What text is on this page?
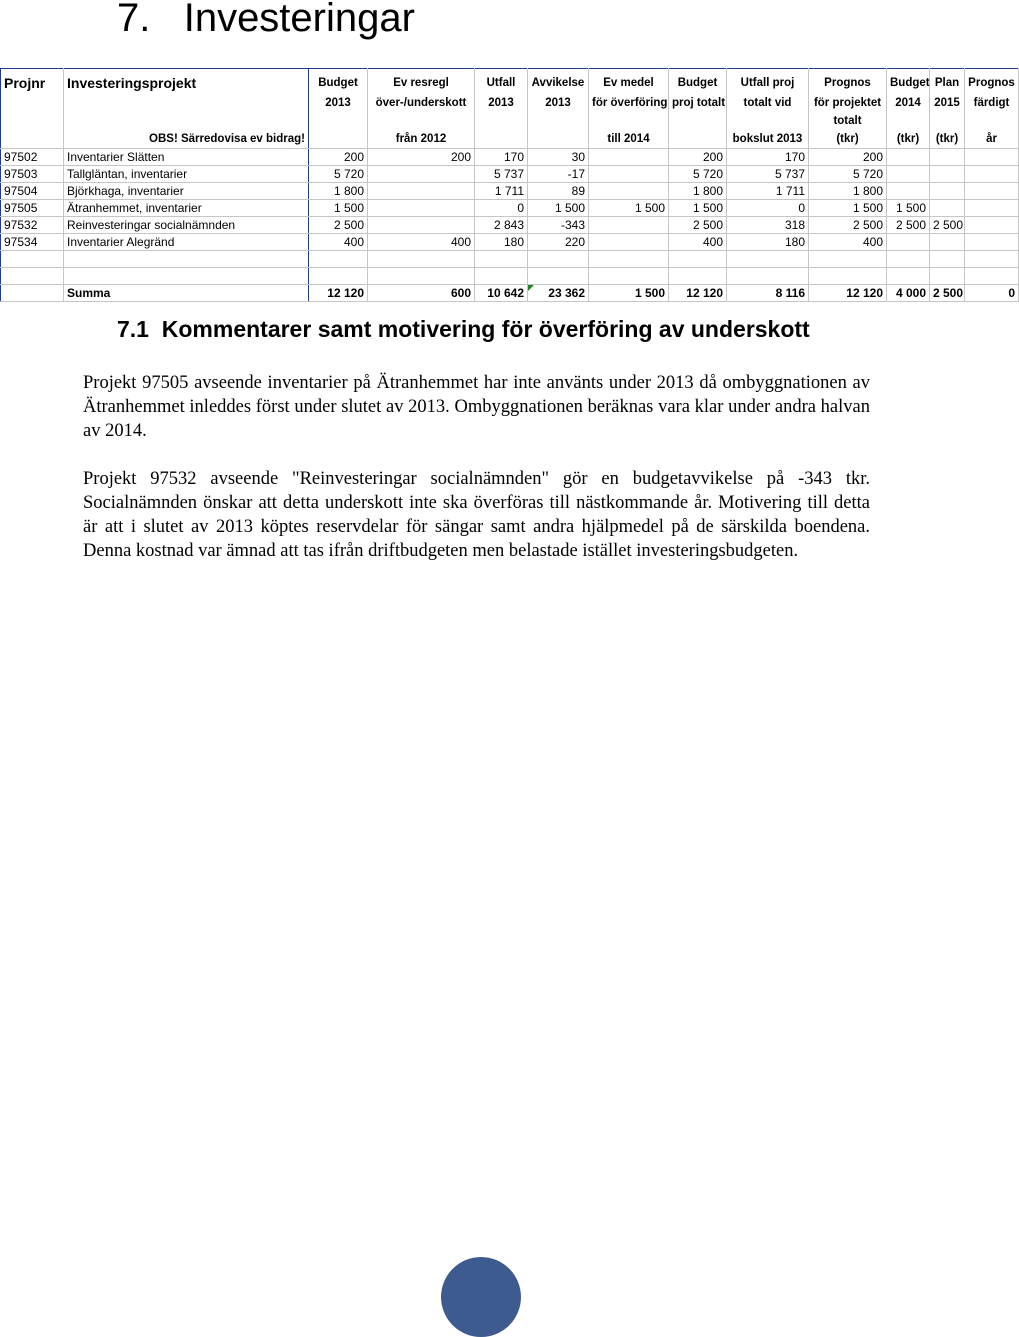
7. Investeringar
Projnr	Investeringsprojekt	Budget	Ev resregl	Utfall	Avvikelse	Ev medel	Budget	Utfall proj	Prognos	Budget	Plan	Prognos
		2013	över-/underskott	2013	2013	för överföring	proj totalt	totalt vid	för projektet	2014	2015	färdigt
									totalt			
	OBS! Särredovisa ev bidrag!		från 2012			till 2014		bokslut 2013	(tkr)	(tkr)	(tkr)	år
97502	Inventarier Slätten	200	200	170	30		200	170	200			
97503	Tallgläntan, inventarier	5 720		5 737	-17		5 720	5 737	5 720			
97504	Björkhaga, inventarier	1 800		1 711	89		1 800	1 711	1 800			
97505	Ätranhemmet, inventarier	1 500		0	1 500	1 500	1 500	0	1 500	1 500		
97532	Reinvesteringar socialnämnden	2 500		2 843	-343		2 500	318	2 500	2 500	2 500	
97534	Inventarier Alegränd	400	400	180	220		400	180	400			

	Summa	12 120	600	10 642	23 362	1 500	12 120	8 116	12 120	4 000	2 500	0
7.1  Kommentarer samt motivering för överföring av underskott

Projekt 97505 avseende inventarier på Ätranhemmet har inte använts under 2013 då ombyggnationen av Ätranhemmet inleddes först under slutet av 2013. Ombyggnationen beräknas vara klar under andra halvan av 2014.

Projekt 97532 avseende "Reinvesteringar socialnämnden" gör en budgetavvikelse på -343 tkr. Socialnämnden önskar att detta underskott inte ska överföras till nästkommande år. Motivering till detta är att i slutet av 2013 köptes reservdelar för sängar samt andra hjälpmedel på de särskilda boendena. Denna kostnad var ämnad att tas ifrån driftbudgeten men belastade istället investeringsbudgeten.
